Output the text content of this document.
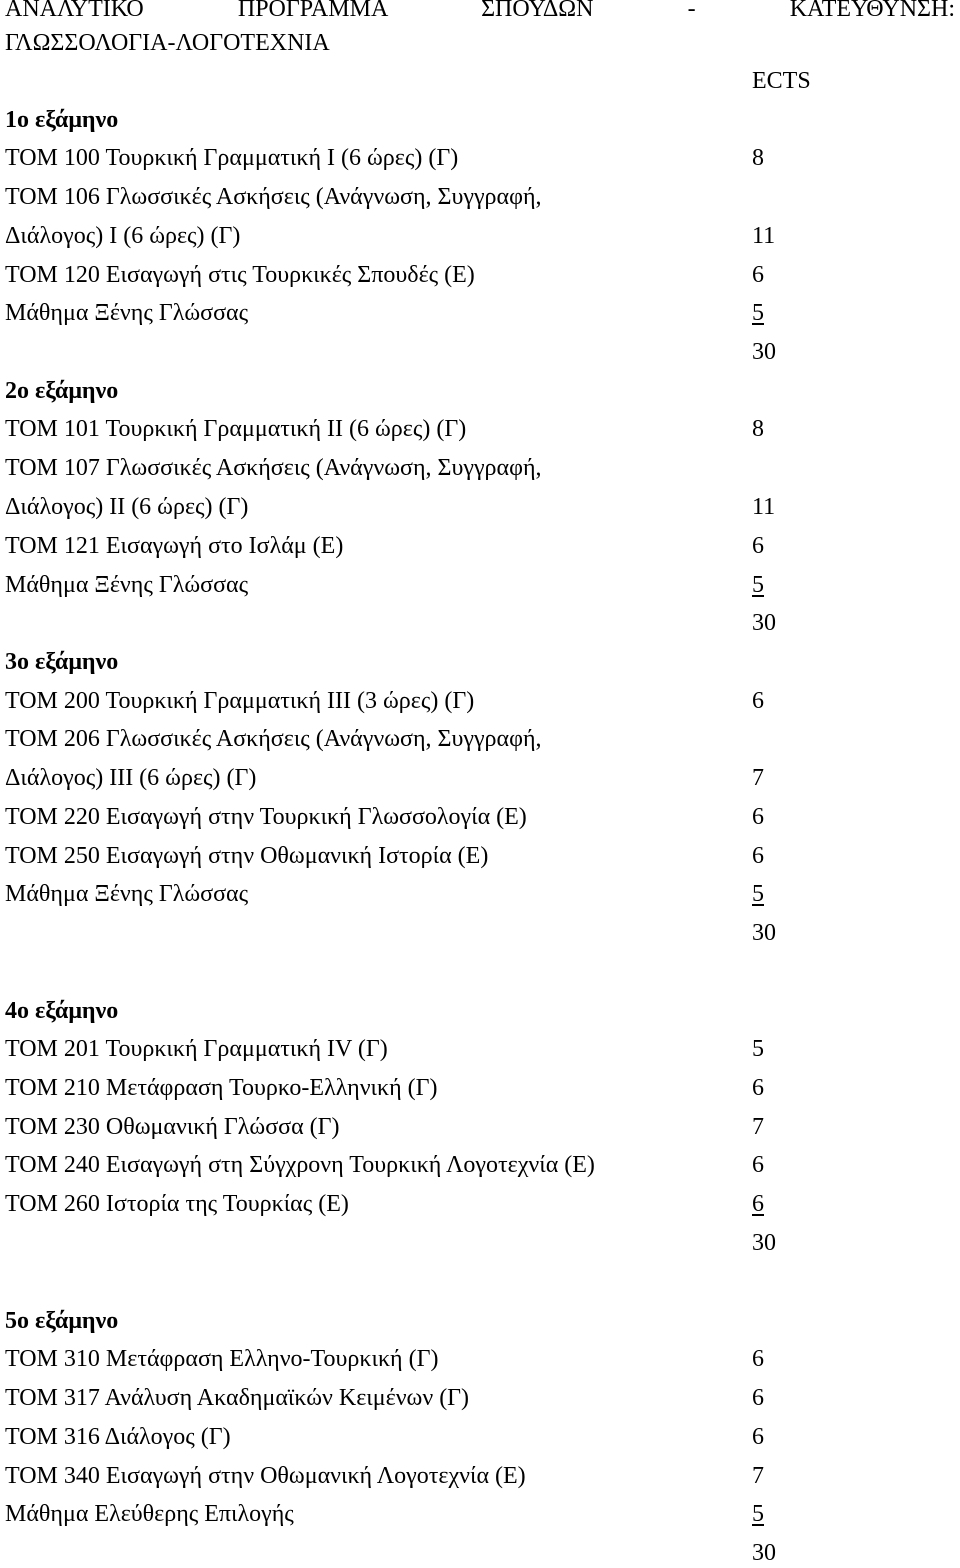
ΑΝΑΛΥΤΙΚΟ	ΠΡΟΓΡΑΜΜΑ	ΣΠΟΥΔΩΝ	-	ΚΑΤΕΥΘΥΝΣΗ:
ΓΛΩΣΣΟΛΟΓΙΑ-ΛΟΓΟΤΕΧΝΙΑ
ECTS
1ο εξάμηνο
ΤΟΜ 100 Τουρκική Γραμματική Ι (6 ώρες) (Γ)	8
ΤΟΜ 106 Γλωσσικές Ασκήσεις (Ανάγνωση, Συγγραφή,
Διάλογος) Ι (6 ώρες) (Γ)	11
ΤΟΜ 120 Εισαγωγή στις Τουρκικές Σπουδές (Ε)	6
Μάθημα Ξένης Γλώσσας	5
30
2ο εξάμηνο
ΤΟΜ 101 Τουρκική Γραμματική ΙΙ (6 ώρες) (Γ)	8
ΤΟΜ 107 Γλωσσικές Ασκήσεις (Ανάγνωση, Συγγραφή,
Διάλογος) ΙΙ (6 ώρες) (Γ)	11
ΤΟΜ 121 Εισαγωγή στο Ισλάμ (Ε)	6
Μάθημα Ξένης Γλώσσας	5
30
3ο εξάμηνο
ΤΟΜ 200 Τουρκική Γραμματική ΙΙΙ (3 ώρες) (Γ)	6
ΤΟΜ 206 Γλωσσικές Ασκήσεις (Ανάγνωση, Συγγραφή,
Διάλογος) ΙΙΙ (6 ώρες) (Γ)	7
ΤΟΜ 220 Εισαγωγή στην Τουρκική Γλωσσολογία (Ε)	6
ΤΟΜ 250 Εισαγωγή στην Οθωμανική Ιστορία (Ε)	6
Μάθημα Ξένης Γλώσσας	5
30
4ο εξάμηνο
ΤΟΜ 201 Τουρκική Γραμματική IV (Γ)	5
ΤΟΜ 210 Μετάφραση Τουρκο-Ελληνική (Γ)	6
ΤΟΜ 230 Οθωμανική Γλώσσα (Γ)	7
ΤΟΜ 240 Εισαγωγή στη Σύγχρονη Τουρκική Λογοτεχνία (Ε)	6
ΤΟΜ 260 Ιστορία της Τουρκίας (Ε)	6
30
5ο εξάμηνο
ΤΟΜ 310 Μετάφραση Ελληνο-Τουρκική (Γ)	6
ΤΟΜ 317 Ανάλυση Ακαδημαϊκών Κειμένων (Γ)	6
ΤΟΜ 316 Διάλογος (Γ)	6
ΤΟΜ 340 Εισαγωγή στην Οθωμανική Λογοτεχνία (Ε)	7
Μάθημα Ελεύθερης Επιλογής	5
30
